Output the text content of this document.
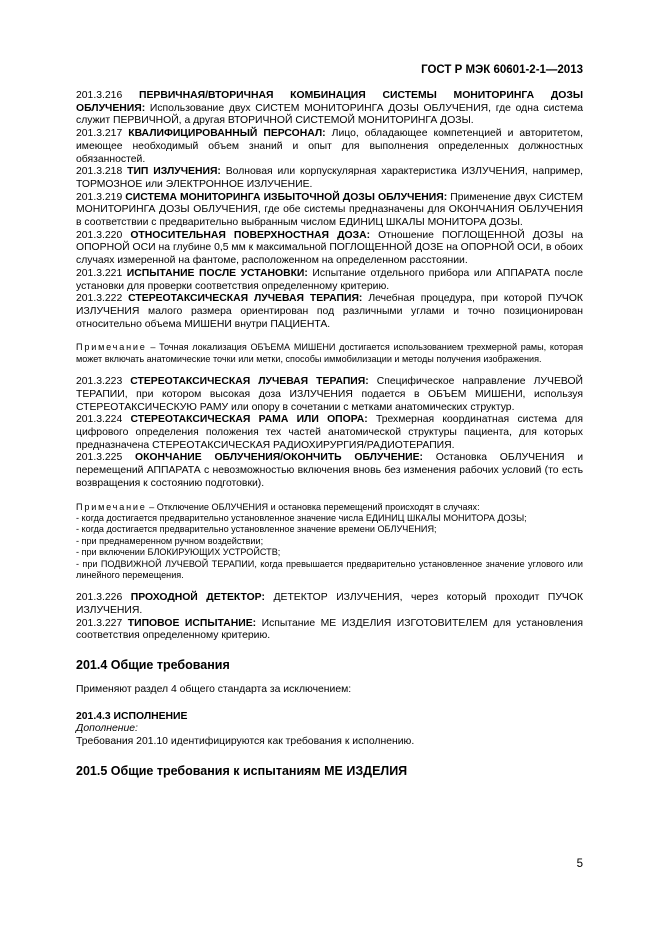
ГОСТ Р МЭК 60601-2-1—2013

201.3.216 ПЕРВИЧНАЯ/ВТОРИЧНАЯ КОМБИНАЦИЯ СИСТЕМЫ МОНИТОРИНГА ДОЗЫ ОБЛУЧЕНИЯ: Использование двух СИСТЕМ МОНИТОРИНГА ДОЗЫ ОБЛУЧЕНИЯ, где одна система служит ПЕРВИЧНОЙ, а другая ВТОРИЧНОЙ СИСТЕМОЙ МОНИТОРИНГА ДОЗЫ.

201.3.217 КВАЛИФИЦИРОВАННЫЙ ПЕРСОНАЛ: Лицо, обладающее компетенцией и авторитетом, имеющее необходимый объем знаний и опыт для выполнения определенных должностных обязанностей.

201.3.218 ТИП ИЗЛУЧЕНИЯ: Волновая или корпускулярная характеристика ИЗЛУЧЕНИЯ, например, ТОРМОЗНОЕ или ЭЛЕКТРОННОЕ ИЗЛУЧЕНИЕ.

201.3.219 СИСТЕМА МОНИТОРИНГА ИЗБЫТОЧНОЙ ДОЗЫ ОБЛУЧЕНИЯ: Применение двух СИСТЕМ МОНИТОРИНГА ДОЗЫ ОБЛУЧЕНИЯ, где обе системы предназначены для ОКОНЧАНИЯ ОБЛУЧЕНИЯ в соответствии с предварительно выбранным числом ЕДИНИЦ ШКАЛЫ МОНИТОРА ДОЗЫ.

201.3.220 ОТНОСИТЕЛЬНАЯ ПОВЕРХНОСТНАЯ ДОЗА: Отношение ПОГЛОЩЕННОЙ ДОЗЫ на ОПОРНОЙ ОСИ на глубине 0,5 мм к максимальной ПОГЛОЩЕННОЙ ДОЗЕ на ОПОРНОЙ ОСИ, в обоих случаях измеренной на фантоме, расположенном на определенном расстоянии.

201.3.221 ИСПЫТАНИЕ ПОСЛЕ УСТАНОВКИ: Испытание отдельного прибора или АППАРАТА после установки для проверки соответствия определенному критерию.

201.3.222 СТЕРЕОТАКСИЧЕСКАЯ ЛУЧЕВАЯ ТЕРАПИЯ: Лечебная процедура, при которой ПУЧОК ИЗЛУЧЕНИЯ малого размера ориентирован под различными углами и точно позиционирован относительно объема МИШЕНИ внутри ПАЦИЕНТА.

Примечание – Точная локализация ОБЪЕМА МИШЕНИ достигается использованием трехмерной рамы, которая может включать анатомические точки или метки, способы иммобилизации и методы получения изображения.

201.3.223 СТЕРЕОТАКСИЧЕСКАЯ ЛУЧЕВАЯ ТЕРАПИЯ: Специфическое направление ЛУЧЕВОЙ ТЕРАПИИ, при котором высокая доза ИЗЛУЧЕНИЯ подается в ОБЪЕМ МИШЕНИ, используя СТЕРЕОТАКСИЧЕСКУЮ РАМУ или опору в сочетании с метками анатомических структур.

201.3.224 СТЕРЕОТАКСИЧЕСКАЯ РАМА ИЛИ ОПОРА: Трехмерная координатная система для цифрового определения положения тех частей анатомической структуры пациента, для которых предназначена СТЕРЕОТАКСИЧЕСКАЯ РАДИОХИРУРГИЯ/РАДИОТЕРАПИЯ.

201.3.225 ОКОНЧАНИЕ ОБЛУЧЕНИЯ/ОКОНЧИТЬ ОБЛУЧЕНИЕ: Остановка ОБЛУЧЕНИЯ и перемещений АППАРАТА с невозможностью включения вновь без изменения рабочих условий (то есть возвращения к состоянию подготовки).

Примечание – Отключение ОБЛУЧЕНИЯ и остановка перемещений происходят в случаях:

- когда достигается предварительно установленное значение числа ЕДИНИЦ ШКАЛЫ МОНИТОРА ДОЗЫ;

- когда достигается предварительно установленное значение времени ОБЛУЧЕНИЯ;

- при преднамеренном ручном воздействии;

- при включении БЛОКИРУЮЩИХ УСТРОЙСТВ;

- при ПОДВИЖНОЙ ЛУЧЕВОЙ ТЕРАПИИ, когда превышается предварительно установленное значение углового или линейного перемещения.

201.3.226 ПРОХОДНОЙ ДЕТЕКТОР: ДЕТЕКТОР ИЗЛУЧЕНИЯ, через который проходит ПУЧОК ИЗЛУЧЕНИЯ.

201.3.227 ТИПОВОЕ ИСПЫТАНИЕ: Испытание МЕ ИЗДЕЛИЯ ИЗГОТОВИТЕЛЕМ для установления соответствия определенному критерию.

201.4 Общие требования

Применяют раздел 4 общего стандарта за исключением:

201.4.3 ИСПОЛНЕНИЕ

Дополнение:

Требования 201.10 идентифицируются как требования к исполнению.

201.5 Общие требования к испытаниям МЕ ИЗДЕЛИЯ
5
